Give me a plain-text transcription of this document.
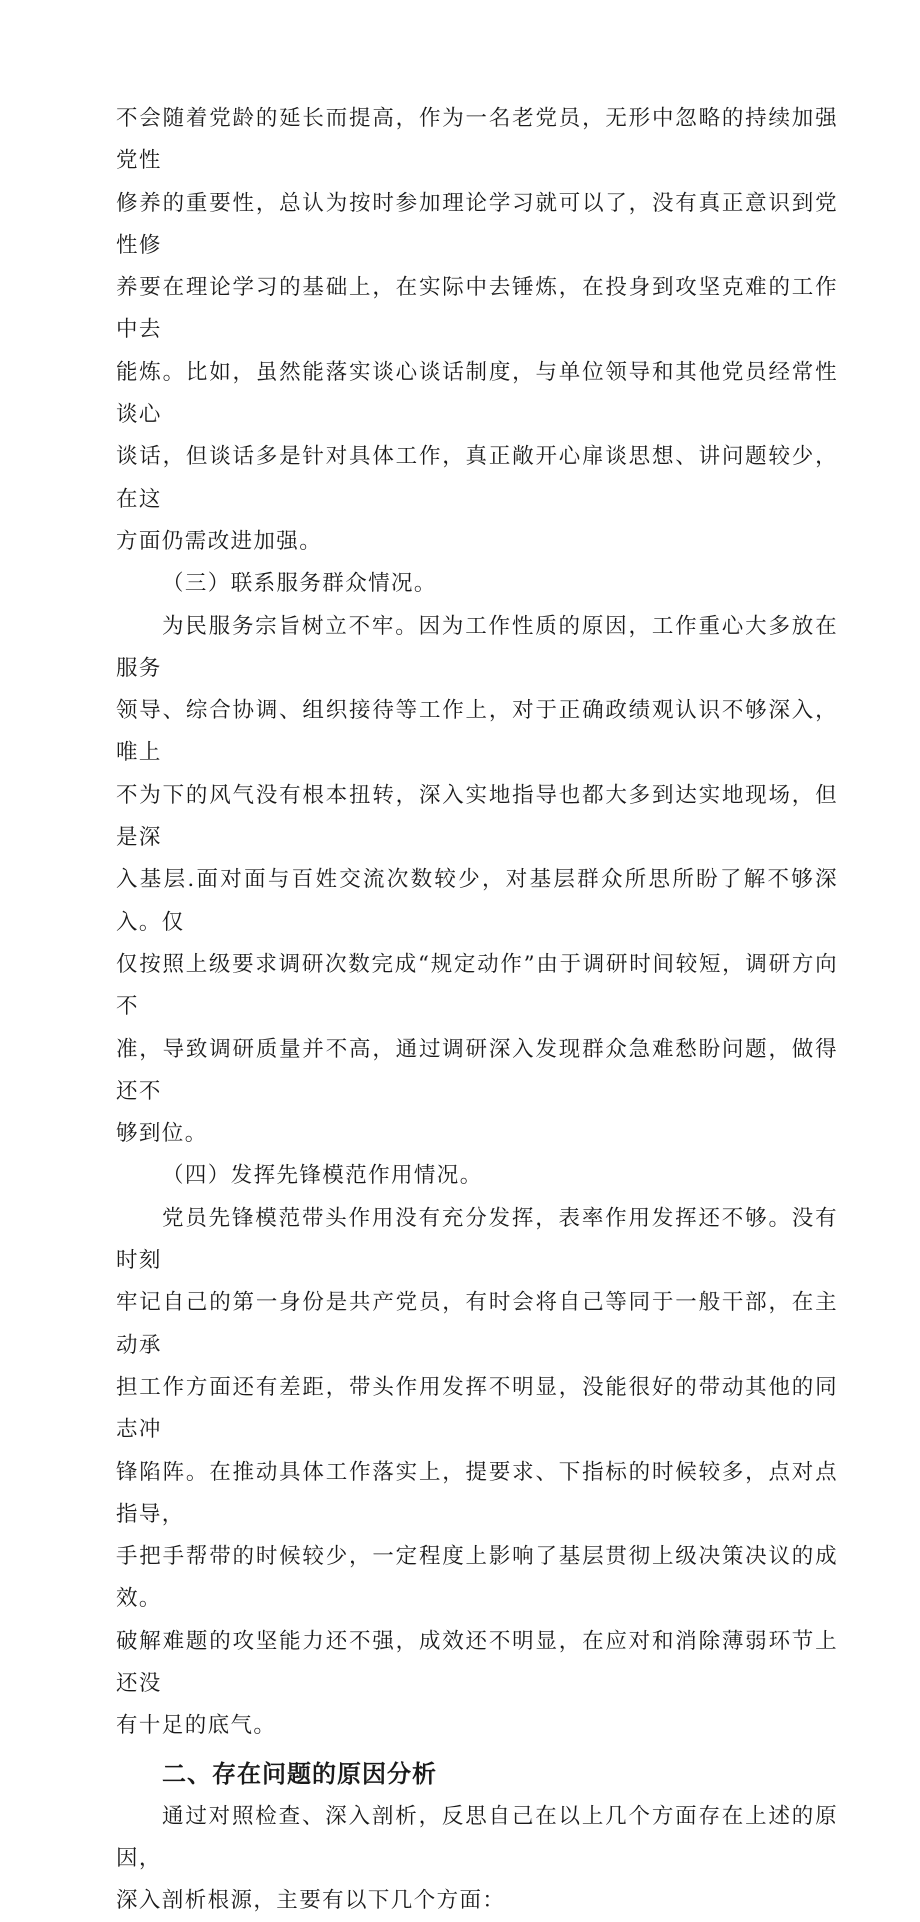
不会随着党龄的延长而提高，作为一名老党员，无形中忽略的持续加强党性
修养的重要性，总认为按时参加理论学习就可以了，没有真正意识到党性修
养要在理论学习的基础上，在实际中去锤炼，在投身到攻坚克难的工作中去
能炼。比如，虽然能落实谈心谈话制度，与单位领导和其他党员经常性谈心
谈话，但谈话多是针对具体工作，真正敞开心扉谈思想、讲问题较少，在这
方面仍需改进加强。

（三）联系服务群众情况。

为民服务宗旨树立不牢。因为工作性质的原因，工作重心大多放在服务
领导、综合协调、组织接待等工作上，对于正确政绩观认识不够深入，唯上
不为下的风气没有根本扭转，深入实地指导也都大多到达实地现场，但是深
入基层.面对面与百姓交流次数较少，对基层群众所思所盼了解不够深入。仅
仅按照上级要求调研次数完成“规定动作”由于调研时间较短，调研方向不
准，导致调研质量并不高，通过调研深入发现群众急难愁盼问题，做得还不
够到位。

（四）发挥先锋模范作用情况。

党员先锋模范带头作用没有充分发挥，表率作用发挥还不够。没有时刻
牢记自己的第一身份是共产党员，有时会将自己等同于一般干部，在主动承
担工作方面还有差距，带头作用发挥不明显，没能很好的带动其他的同志冲
锋陷阵。在推动具体工作落实上，提要求、下指标的时候较多，点对点指导，
手把手帮带的时候较少，一定程度上影响了基层贯彻上级决策决议的成效。
破解难题的攻坚能力还不强，成效还不明显，在应对和消除薄弱环节上还没
有十足的底气。

二、存在问题的原因分析

通过对照检查、深入剖析，反思自己在以上几个方面存在上述的原因，
深入剖析根源，主要有以下几个方面：
